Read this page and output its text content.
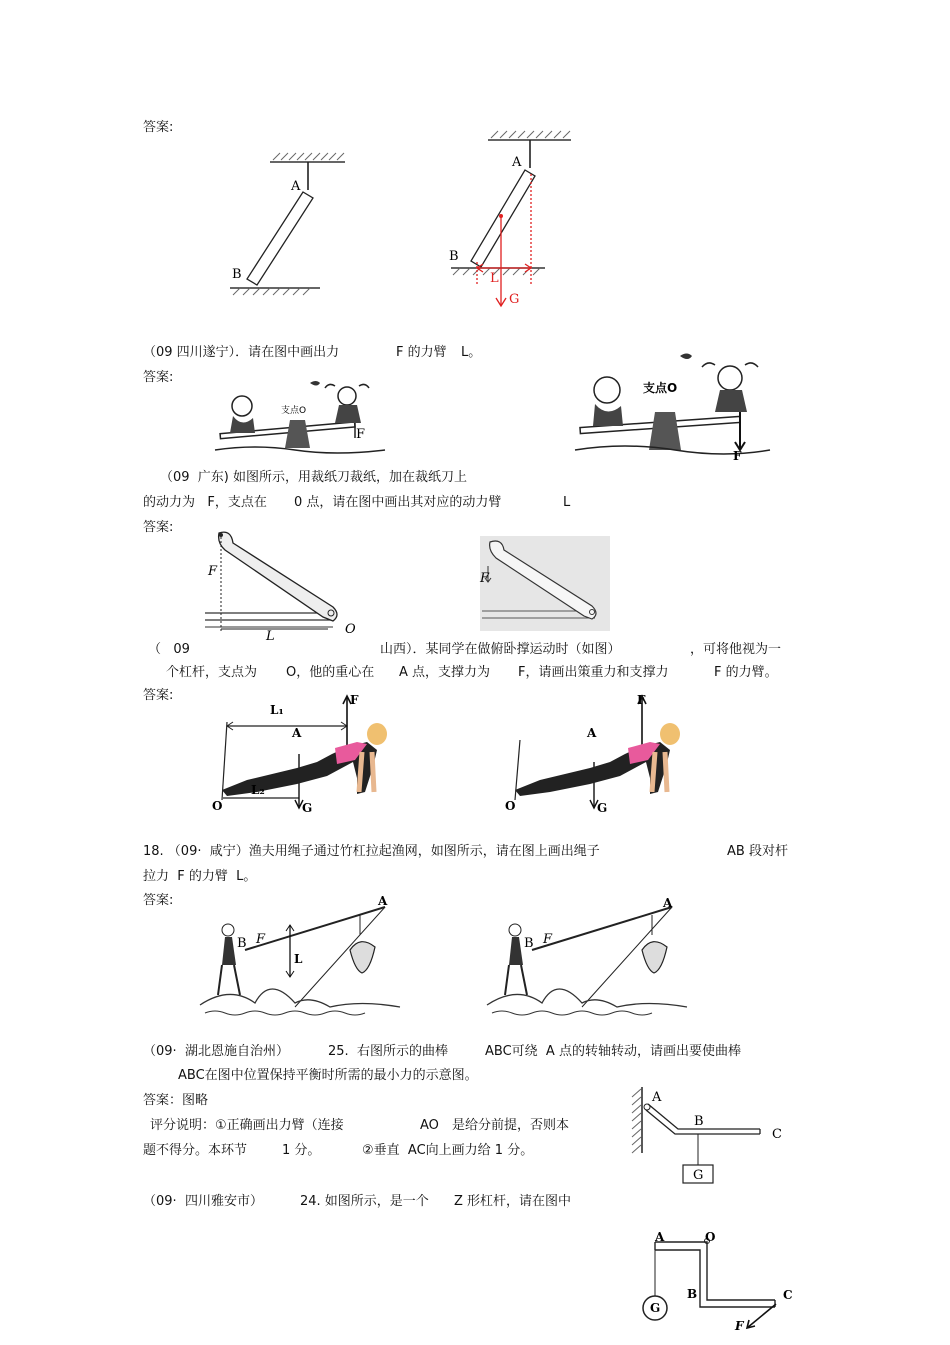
答案:
A
B	L
G
A
B
（09 四川遂宁）．请在图中画出力	F 的力臂 L。
答案:
支点O
F
支点O
F
（09  广东) 如图所示，用裁纸刀裁纸，加在裁纸刀上
的动力为   F，支点在 0 点，请在图中画出其对应的动力臂	L
答案:
F
L	O
F
（   09	山西）．某同学在做俯卧撑运动时（如图）	，可将他视为一
个杠杆，支点为 O，他的重心在 A 点，支撑力为 F，请画出策重力和支撑力	F 的力臂。
答案:
L₁
A
F
L₂
O	G
A
F
O	G
18. （09·  咸宁）渔夫用绳子通过竹杠拉起渔网，如图所示，请在图上画出绳子	AB 段对杆
拉力  F 的力臂  L。
答案:	A
B F
L
A
B F
（09·  湖北恩施自治州）	25.  右图所示的曲棒	ABC可绕  A 点的转轴转动，请画出要使曲棒
ABC在图中位置保持平衡时所需的最小力的示意图。
答案：图略
评分说明：①正确画出力臂（连接	AO 是给分前提，否则本
题不得分。本环节	1 分。	②垂直  AC向上画力给 1 分。
A
B
C
G
（09·  四川雅安市）	24. 如图所示，是一个 Z 形杠杆，请在图中
A	O
B	C
G
F
